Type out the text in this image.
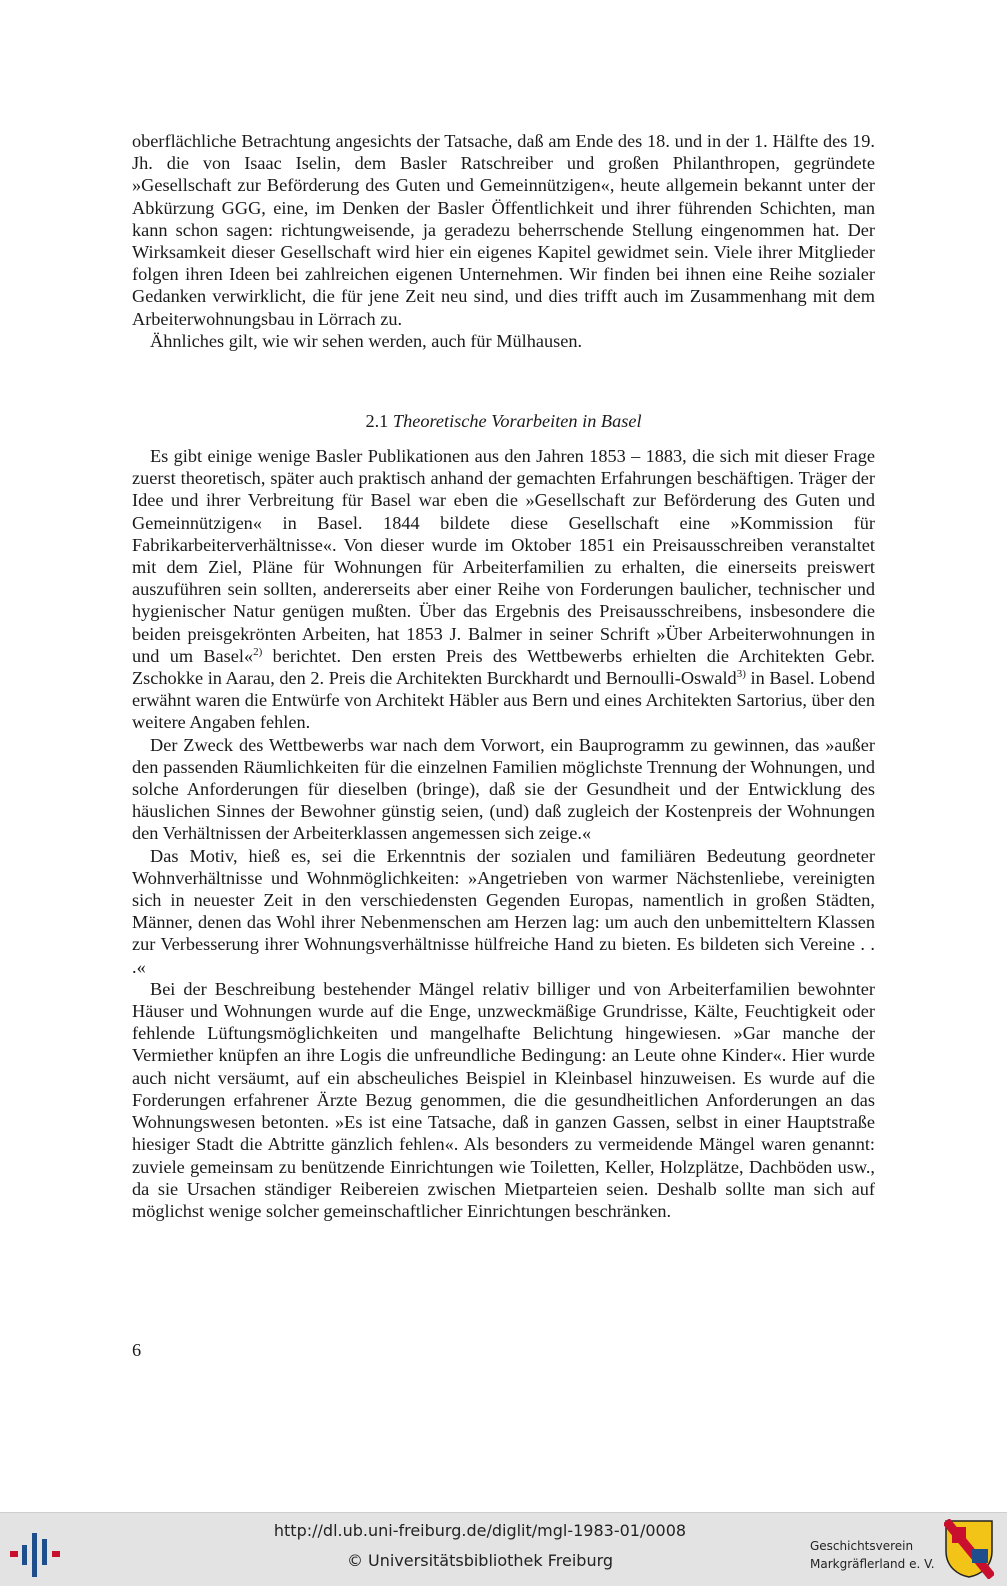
oberflächliche Betrachtung angesichts der Tatsache, daß am Ende des 18. und in der 1. Hälfte des 19. Jh. die von Isaac Iselin, dem Basler Ratschreiber und großen Philanthropen, gegründete »Gesellschaft zur Beförderung des Guten und Gemeinnützigen«, heute allgemein bekannt unter der Abkürzung GGG, eine, im Denken der Basler Öffentlichkeit und ihrer führenden Schichten, man kann schon sagen: richtungweisende, ja geradezu beherrschende Stellung eingenommen hat. Der Wirksamkeit dieser Gesellschaft wird hier ein eigenes Kapitel gewidmet sein. Viele ihrer Mitglieder folgen ihren Ideen bei zahlreichen eigenen Unternehmen. Wir finden bei ihnen eine Reihe sozialer Gedanken verwirklicht, die für jene Zeit neu sind, und dies trifft auch im Zusammenhang mit dem Arbeiterwohnungsbau in Lörrach zu.

Ähnliches gilt, wie wir sehen werden, auch für Mülhausen.

2.1 Theoretische Vorarbeiten in Basel

Es gibt einige wenige Basler Publikationen aus den Jahren 1853 – 1883, die sich mit dieser Frage zuerst theoretisch, später auch praktisch anhand der gemachten Erfahrungen beschäftigen. Träger der Idee und ihrer Verbreitung für Basel war eben die »Gesellschaft zur Beförderung des Guten und Gemeinnützigen« in Basel. 1844 bildete diese Gesellschaft eine »Kommission für Fabrikarbeiterverhältnisse«. Von dieser wurde im Oktober 1851 ein Preisausschreiben veranstaltet mit dem Ziel, Pläne für Wohnungen für Arbeiterfamilien zu erhalten, die einerseits preiswert auszuführen sein sollten, andererseits aber einer Reihe von Forderungen baulicher, technischer und hygienischer Natur genügen mußten. Über das Ergebnis des Preisausschreibens, insbesondere die beiden preisgekrönten Arbeiten, hat 1853 J. Balmer in seiner Schrift »Über Arbeiterwohnungen in und um Basel«$^{2)}$ berichtet. Den ersten Preis des Wettbewerbs erhielten die Architekten Gebr. Zschokke in Aarau, den 2. Preis die Architekten Burckhardt und Bernoulli-Oswald$^{3)}$ in Basel. Lobend erwähnt waren die Entwürfe von Architekt Häbler aus Bern und eines Architekten Sartorius, über den weitere Angaben fehlen.

Der Zweck des Wettbewerbs war nach dem Vorwort, ein Bauprogramm zu gewinnen, das »außer den passenden Räumlichkeiten für die einzelnen Familien möglichste Trennung der Wohnungen, und solche Anforderungen für dieselben (bringe), daß sie der Gesundheit und der Entwicklung des häuslichen Sinnes der Bewohner günstig seien, (und) daß zugleich der Kostenpreis der Wohnungen den Verhältnissen der Arbeiterklassen angemessen sich zeige.«

Das Motiv, hieß es, sei die Erkenntnis der sozialen und familiären Bedeutung geordneter Wohnverhältnisse und Wohnmöglichkeiten: »Angetrieben von warmer Nächstenliebe, vereinigten sich in neuester Zeit in den verschiedensten Gegenden Europas, namentlich in großen Städten, Männer, denen das Wohl ihrer Nebenmenschen am Herzen lag: um auch den unbemitteltern Klassen zur Verbesserung ihrer Wohnungsverhältnisse hülfreiche Hand zu bieten. Es bildeten sich Vereine . . .«

Bei der Beschreibung bestehender Mängel relativ billiger und von Arbeiterfamilien bewohnter Häuser und Wohnungen wurde auf die Enge, unzweckmäßige Grundrisse, Kälte, Feuchtigkeit oder fehlende Lüftungsmöglichkeiten und mangelhafte Belichtung hingewiesen. »Gar manche der Vermiether knüpfen an ihre Logis die unfreundliche Bedingung: an Leute ohne Kinder«. Hier wurde auch nicht versäumt, auf ein abscheuliches Beispiel in Kleinbasel hinzuweisen. Es wurde auf die Forderungen erfahrener Ärzte Bezug genommen, die die gesundheitlichen Anforderungen an das Wohnungswesen betonten. »Es ist eine Tatsache, daß in ganzen Gassen, selbst in einer Hauptstraße hiesiger Stadt die Abtritte gänzlich fehlen«. Als besonders zu vermeidende Mängel waren genannt: zuviele gemeinsam zu benützende Einrichtungen wie Toiletten, Keller, Holzplätze, Dachböden usw., da sie Ursachen ständiger Reibereien zwischen Mietparteien seien. Deshalb sollte man sich auf möglichst wenige solcher gemeinschaftlicher Einrichtungen beschränken.

6
http://dl.ub.uni-freiburg.de/diglit/mgl-1983-01/0008
© Universitätsbibliothek Freiburg
Geschichtsverein
Markgräflerland e. V.
